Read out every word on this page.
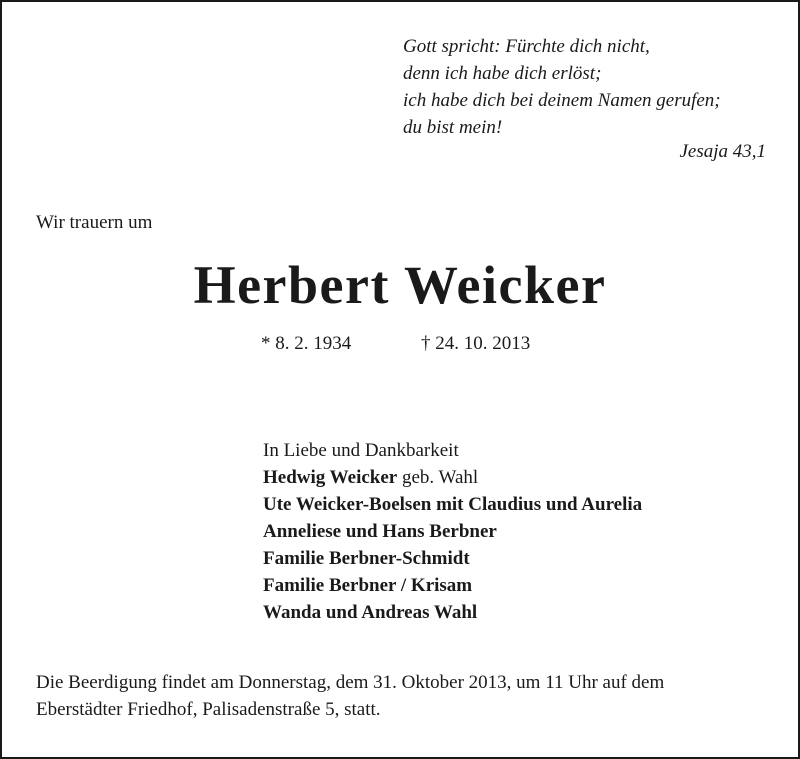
Gott spricht: Fürchte dich nicht,
denn ich habe dich erlöst;
ich habe dich bei deinem Namen gerufen;
du bist mein!
Jesaja 43,1
Wir trauern um
Herbert Weicker
* 8. 2. 1934	† 24. 10. 2013
In Liebe und Dankbarkeit
Hedwig Weicker geb. Wahl
Ute Weicker-Boelsen mit Claudius und Aurelia
Anneliese und Hans Berbner
Familie Berbner-Schmidt
Familie Berbner / Krisam
Wanda und Andreas Wahl
Die Beerdigung findet am Donnerstag, dem 31. Oktober 2013, um 11 Uhr auf dem
Eberstädter Friedhof, Palisadenstraße 5, statt.
